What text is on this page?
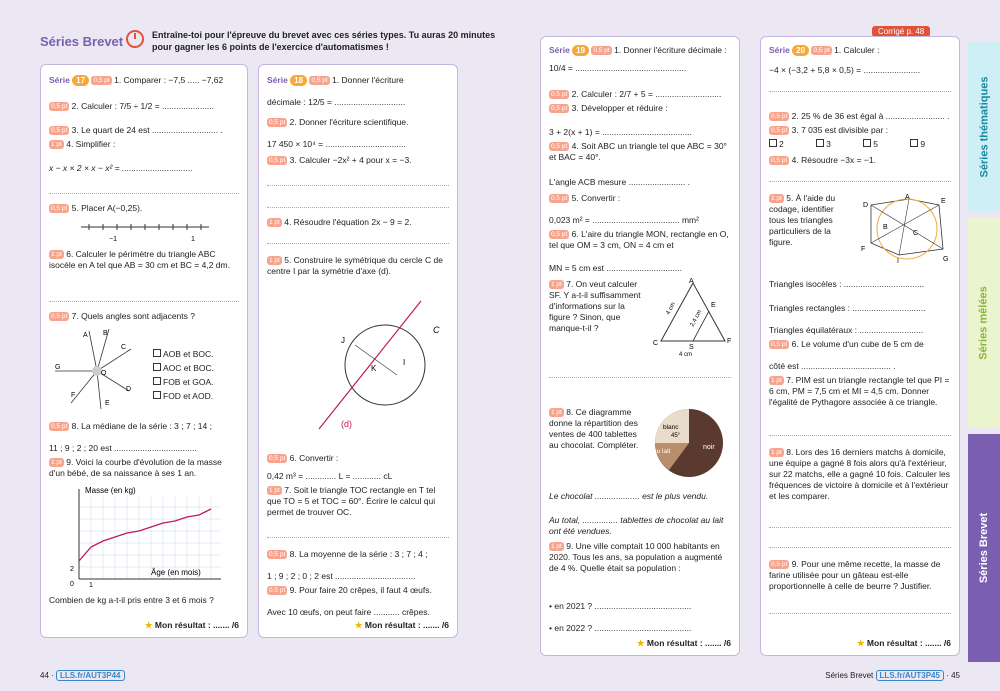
Séries Brevet	Entraîne-toi pour l'épreuve du brevet avec ces séries types. Tu auras 20 minutes pour gagner les 6 points de l'exercice d'automatismes !
Corrigé p. 48
Série 17 0,5 pt 1. Comparer : −7,5 ..... −7,62
0,5 pt 2. Calculer : 7/5 ÷ 1/2 = ......................
0,5 pt 3. Le quart de 24 est ............................ .
1 pt 4. Simplifier :
x − x × 2 × x − x² = ..............................
0,5 pt 5. Placer A(−0,25).
−1	1
1 pt 6. Calculer le périmètre du triangle ABC isocèle en A tel que AB = 30 cm et BC = 4,2 dm.
0,5 pt 7. Quels angles sont adjacents ?
A B
C
D
E
F
G
O
AOB et BOC.
AOC et BOC.
FOB et GOA.
FOD et AOD.
0,5 pt 8. La médiane de la série : 3 ; 7 ; 14 ;
11 ; 9 ; 2 ; 20 est ...................................
1 pt 9. Voici la courbe d'évolution de la masse d'un bébé, de sa naissance à ses 1 an.
Masse (en kg)
Âge (en mois)
2
0 1
Combien de kg a-t-il pris entre 3 et 6 mois ?
★ Mon résultat : ....... /6
Série 18 0,5 pt 1. Donner l'écriture
décimale : 12/5 = ..............................
0,5 pt 2. Donner l'écriture scientifique.
17 450 × 10⁴ = ..................................
0,5 pt 3. Calculer −2x² + 4 pour x = −3.
1 pt 4. Résoudre l'équation 2x − 9 = 2.
1 pt 5. Construire le symétrique du cercle C de centre I par la symétrie d'axe (d).
J
K
I
C
(d)
0,5 pt 6. Convertir :
0,42 m³ = ............. L = ............ cL
1 pt 7. Soit le triangle TOC rectangle en T tel que TO = 5 et TOC = 60°. Écrire le calcul qui permet de trouver OC.
0,5 pt 8. La moyenne de la série : 3 ; 7 ; 4 ;
1 ; 9 ; 2 ; 0 ; 2 est ..................................
0,5 pt 9. Pour faire 20 crêpes, il faut 4 œufs.
Avec 10 œufs, on peut faire ........... crêpes.
★ Mon résultat : ....... /6
Série 19 0,5 pt 1. Donner l'écriture décimale :
10/4 = ...............................................
0,5 pt 2. Calculer : 2/7 + 5 = ............................
0,5 pt 3. Développer et réduire :
3 + 2(x + 1) = ......................................
0,5 pt 4. Soit ABC un triangle tel que ABC = 30° et BAC = 40°.
L'angle ACB mesure ........................ .
0,5 pt 5. Convertir :
0,023 m² = ..................................... mm²
0,5 pt 6. L'aire du triangle MON, rectangle en O, tel que OM = 3 cm, ON = 4 cm et
MN = 5 cm est ................................
1 pt 7. On veut calculer SF. Y a-t-il suffisamment d'informations sur la figure ? Sinon, que manque-t-il ?
A
E
C
S
F
4 cm
4 cm
2,4 cm
1 pt 8. Ce diagramme donne la répartition des ventes de 400 tablettes au chocolat. Compléter.
blanc
45°
au lait
noir
Le chocolat ................... est le plus vendu.
Au total, ............... tablettes de chocolat au lait ont été vendues.
1 pt 9. Une ville comptait 10 000 habitants en 2020. Tous les ans, sa population a augmenté de 4 %. Quelle était sa population :
• en 2021 ? .........................................
• en 2022 ? .........................................
★ Mon résultat : ....... /6
Série 20 0,5 pt 1. Calculer :
−4 × (−3,2 + 5,8 × 0,5) = ........................
0,5 pt 2. 25 % de 36 est égal à ......................... .
0,5 pt 3. 7 035 est divisible par :
2	3	5	9
0,5 pt 4. Résoudre −3x = −1.
1 pt 5. À l'aide du codage, identifier tous les triangles particuliers de la figure.
D
A
E
B
C
F
I	G
Triangles isocèles : ..................................
Triangles rectangles : ...............................
Triangles équilatéraux : ...........................
0,5 pt 6. Le volume d'un cube de 5 cm de
côté est ...................................... .
1 pt 7. PIM est un triangle rectangle tel que PI = 6 cm, PM = 7,5 cm et MI = 4,5 cm. Donner l'égalité de Pythagore associée à ce triangle.
1 pt 8. Lors des 16 derniers matchs à domicile, une équipe a gagné 8 fois alors qu'à l'extérieur, sur 22 matchs, elle a gagné 10 fois. Calculer les fréquences de victoire à domicile et à l'extérieur et les comparer.
0,5 pt 9. Pour une même recette, la masse de farine utilisée pour un gâteau est-elle proportionnelle à celle de beurre ? Justifier.
★ Mon résultat : ....... /6
Séries thématiques
Séries mêlées
Séries Brevet
44 · LLS.fr/AUT3P44	Séries Brevet LLS.fr/AUT3P45 · 45
